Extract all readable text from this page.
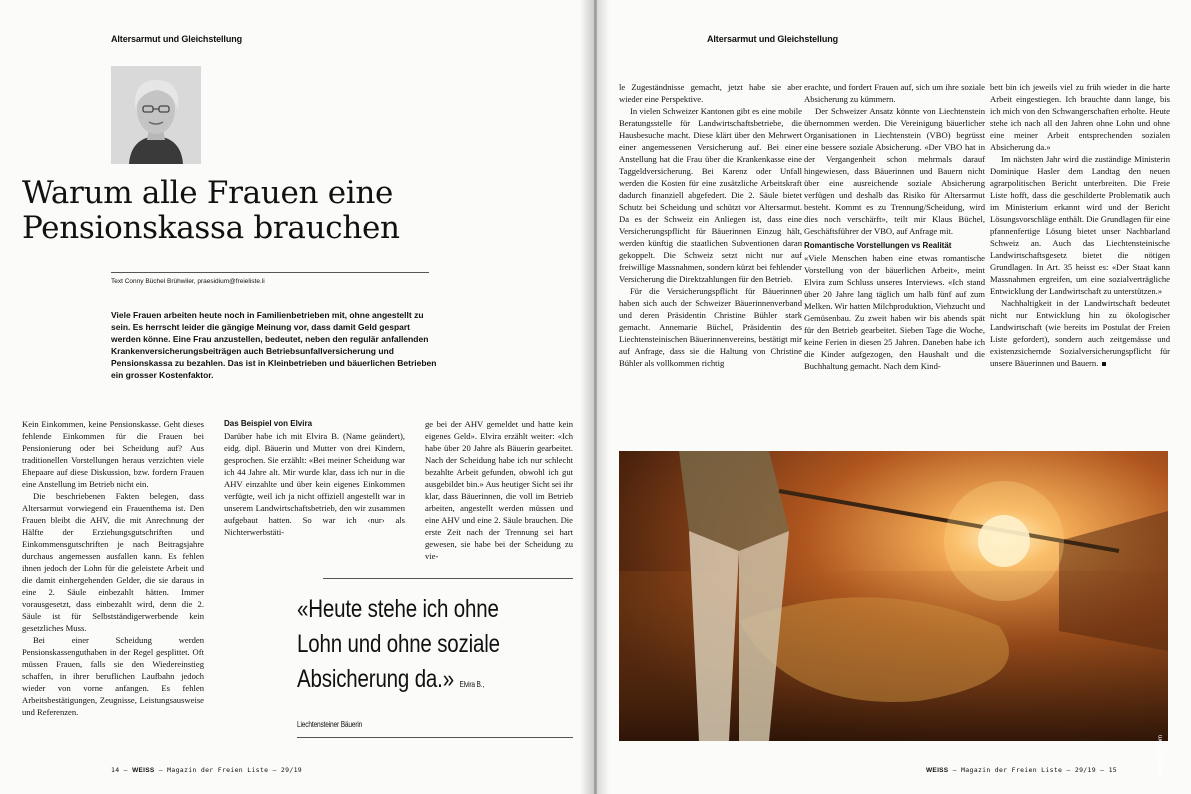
Altersarmut und Gleichstellung
Warum alle Frauen eine
Pensionskassa brauchen
Text Conny Büchel Brühwiler, praesidium@freieliste.li
Viele Frauen arbeiten heute noch in Familienbetrieben mit, ohne angestellt zu sein. Es herrscht leider die gängige Meinung vor, dass damit Geld gespart werden könne. Eine Frau anzustellen, bedeutet, neben den regulär anfallenden Krankenversicherungsbeiträgen auch Betriebsunfallversicherung und Pensionskassa zu bezahlen. Das ist in Kleinbetrieben und bäuerlichen Betrieben ein grosser Kostenfaktor.

Kein Einkommen, keine Pensionskasse. Geht dieses fehlende Einkommen für die Frauen bei Pensionierung oder bei Scheidung auf? Aus traditionellen Vorstellungen heraus verzichten viele Ehepaare auf diese Diskussion, bzw. fordern Frauen eine Anstellung im Betrieb nicht ein.

Die beschriebenen Fakten belegen, dass Altersarmut vorwiegend ein Frauenthema ist. Den Frauen bleibt die AHV, die mit Anrechnung der Hälfte der Erziehungsgutschriften und Einkommensgutschriften je nach Beitragsjahre durchaus angemessen ausfallen kann. Es fehlen ihnen jedoch der Lohn für die geleistete Arbeit und die damit einhergehenden Gelder, die sie daraus in eine 2. Säule einbezahlt hätten. Immer vorausgesetzt, dass einbezahlt wird, denn die 2. Säule ist für Selbstständigerwerbende kein gesetzliches Muss.

Bei einer Scheidung werden Pensionskassenguthaben in der Regel gesplittet. Oft müssen Frauen, falls sie den Wiedereinstieg schaffen, in ihrer beruflichen Laufbahn jedoch wieder von vorne anfangen. Es fehlen Arbeitsbestätigungen, Zeugnisse, Leistungsausweise und Referenzen.

Das Beispiel von Elvira

Darüber habe ich mit Elvira B. (Name geändert), eidg. dipl. Bäuerin und Mutter von drei Kindern, gesprochen. Sie erzählt: «Bei meiner Scheidung war ich 44 Jahre alt. Mir wurde klar, dass ich nur in die AHV einzahlte und über kein eigenes Einkommen verfügte, weil ich ja nicht offiziell angestellt war in unserem Landwirtschaftsbetrieb, den wir zusammen aufgebaut hatten. So war ich ‹nur› als Nichterwerbstäti-

ge bei der AHV gemeldet und hatte kein eigenes Geld». Elvira erzählt weiter: «Ich habe über 20 Jahre als Bäuerin gearbeitet. Nach der Scheidung habe ich nur schlecht bezahlte Arbeit gefunden, obwohl ich gut ausgebildet bin.» Aus heutiger Sicht sei ihr klar, dass Bäuerinnen, die voll im Betrieb arbeiten, angestellt werden müssen und eine AHV und eine 2. Säule brauchen. Die erste Zeit nach der Trennung sei hart gewesen, sie habe bei der Scheidung zu vie-

«Heute stehe ich ohne
Lohn und ohne soziale
Absicherung da.» Elvira B., Liechtensteiner Bäuerin
14 – WEISS – Magazin der Freien Liste – 29/19
Altersarmut und Gleichstellung

le Zugeständnisse gemacht, jetzt habe sie aber wieder eine Perspektive.

In vielen Schweizer Kantonen gibt es eine mobile Beratungsstelle für Landwirtschaftsbetriebe, die Hausbesuche macht. Diese klärt über den Mehrwert einer angemessenen Versicherung auf. Bei einer Anstellung hat die Frau über die Krankenkasse eine Taggeldversicherung. Bei Karenz oder Unfall werden die Kosten für eine zusätzliche Arbeitskraft dadurch finanziell abgefedert. Die 2. Säule bietet Schutz bei Scheidung und schützt vor Altersarmut. Da es der Schweiz ein Anliegen ist, dass eine Versicherungspflicht für Bäuerinnen Einzug hält, werden künftig die staatlichen Subventionen daran gekoppelt. Die Schweiz setzt nicht nur auf freiwillige Massnahmen, sondern kürzt bei fehlender Versicherung die Direktzahlungen für den Betrieb.

Für die Versicherungspflicht für Bäuerinnen haben sich auch der Schweizer Bäuerinnenverband und deren Präsidentin Christine Bühler stark gemacht. Annemarie Büchel, Präsidentin des Liechtensteinischen Bäuerinnenvereins, bestätigt mir auf Anfrage, dass sie die Haltung von Christine Bühler als vollkommen richtig

erachte, und fordert Frauen auf, sich um ihre soziale Absicherung zu kümmern.

Der Schweizer Ansatz könnte von Liechtenstein übernommen werden. Die Vereinigung bäuerlicher Organisationen in Liechtenstein (VBO) begrüsst eine bessere soziale Absicherung. «Der VBO hat in der Vergangenheit schon mehrmals darauf hingewiesen, dass Bäuerinnen und Bauern nicht über eine ausreichende soziale Absicherung verfügen und deshalb das Risiko für Altersarmut besteht. Kommt es zu Trennung/Scheidung, wird dies noch verschärft», teilt mir Klaus Büchel, Geschäftsführer der VBO, auf Anfrage mit.

Romantische Vorstellungen vs Realität

«Viele Menschen haben eine etwas romantische Vorstellung von der bäuerlichen Arbeit», meint Elvira zum Schluss unseres Interviews. «Ich stand über 20 Jahre lang täglich um halb fünf auf zum Melken. Wir hatten Milchproduktion, Viehzucht und Gemüsenbau. Zu zweit haben wir bis abends spät für den Betrieb gearbeitet. Sieben Tage die Woche, keine Ferien in diesen 25 Jahren. Daneben habe ich die Kinder aufgezogen, den Haushalt und die Buchhaltung gemacht. Nach dem Kind-

bett bin ich jeweils viel zu früh wieder in die harte Arbeit eingestiegen. Ich brauchte dann lange, bis ich mich von den Schwangerschaften erholte. Heute stehe ich nach all den Jahren ohne Lohn und ohne eine meiner Arbeit entsprechenden sozialen Absicherung da.»

Im nächsten Jahr wird die zuständige Ministerin Dominique Hasler dem Landtag den neuen agrarpolitischen Bericht unterbreiten. Die Freie Liste hofft, dass die geschilderte Problematik auch im Ministerium erkannt wird und der Bericht Lösungsvorschläge enthält. Die Grundlagen für eine pfannenfertige Lösung bietet unser Nachbarland Schweiz an. Auch das Liechtensteinische Landwirtschaftsgesetz bietet die nötigen Grundlagen. In Art. 35 heisst es: «Der Staat kann Massnahmen ergreifen, um eine sozialverträgliche Entwicklung der Landwirtschaft zu unterstützen.»

Nachhaltigkeit in der Landwirtschaft bedeutet nicht nur Entwicklung hin zu ökologischer Landwirtschaft (wie bereits im Postulat der Freien Liste gefordert), sondern auch zeitgemässe und existenzsichernde Sozialversicherungspflicht für unsere Bäuerinnen und Bauern.

www.123rf.com
WEISS – Magazin der Freien Liste – 29/19 – 15
